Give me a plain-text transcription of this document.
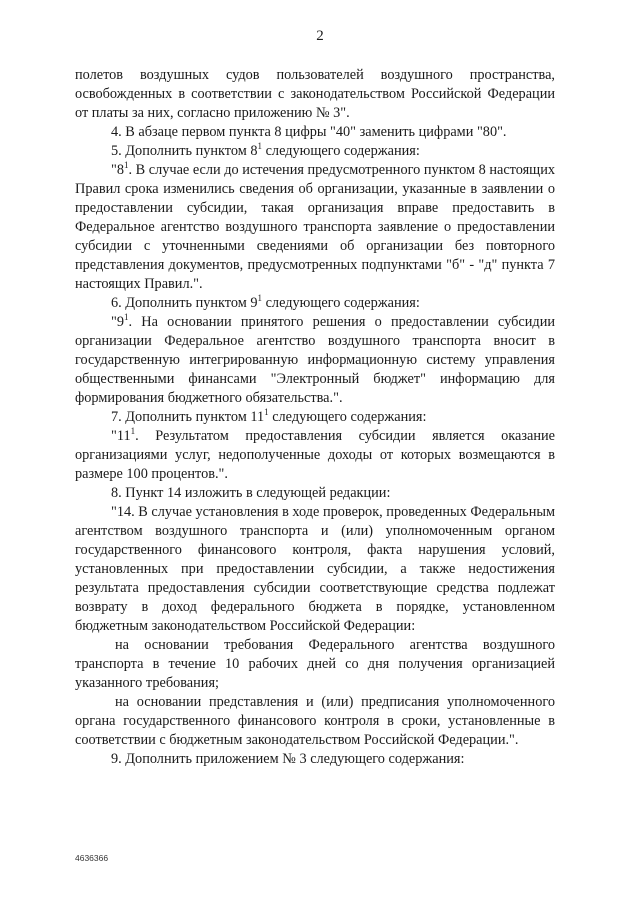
2

полетов воздушных судов пользователей воздушного пространства, освобожденных в соответствии с законодательством Российской Федерации от платы за них, согласно приложению № 3".

4. В абзаце первом пункта 8 цифры "40" заменить цифрами "80".

5. Дополнить пунктом $8^1$ следующего содержания:

"$8^1$. В случае если до истечения предусмотренного пунктом 8 настоящих Правил срока изменились сведения об организации, указанные в заявлении о предоставлении субсидии, такая организация вправе предоставить в Федеральное агентство воздушного транспорта заявление о предоставлении субсидии с уточненными сведениями об организации без повторного представления документов, предусмотренных подпунктами "б" - "д" пункта 7 настоящих Правил.".

6. Дополнить пунктом $9^1$ следующего содержания:

"$9^1$. На основании принятого решения о предоставлении субсидии организации Федеральное агентство воздушного транспорта вносит в государственную интегрированную информационную систему управления общественными финансами "Электронный бюджет" информацию для формирования бюджетного обязательства.".

7. Дополнить пунктом $11^1$ следующего содержания:

"$11^1$. Результатом предоставления субсидии является оказание организациями услуг, недополученные доходы от которых возмещаются в размере 100 процентов.".

8. Пункт 14 изложить в следующей редакции:

"14. В случае установления в ходе проверок, проведенных Федеральным агентством воздушного транспорта и (или) уполномоченным органом государственного финансового контроля, факта нарушения условий, установленных при предоставлении субсидии, а также недостижения результата предоставления субсидии соответствующие средства подлежат возврату в доход федерального бюджета в порядке, установленном бюджетным законодательством Российской Федерации:

на основании требования Федерального агентства воздушного транспорта в течение 10 рабочих дней со дня получения организацией указанного требования;

на основании представления и (или) предписания уполномоченного органа государственного финансового контроля в сроки, установленные в соответствии с бюджетным законодательством Российской Федерации.".

9. Дополнить приложением № 3 следующего содержания:

4636366
